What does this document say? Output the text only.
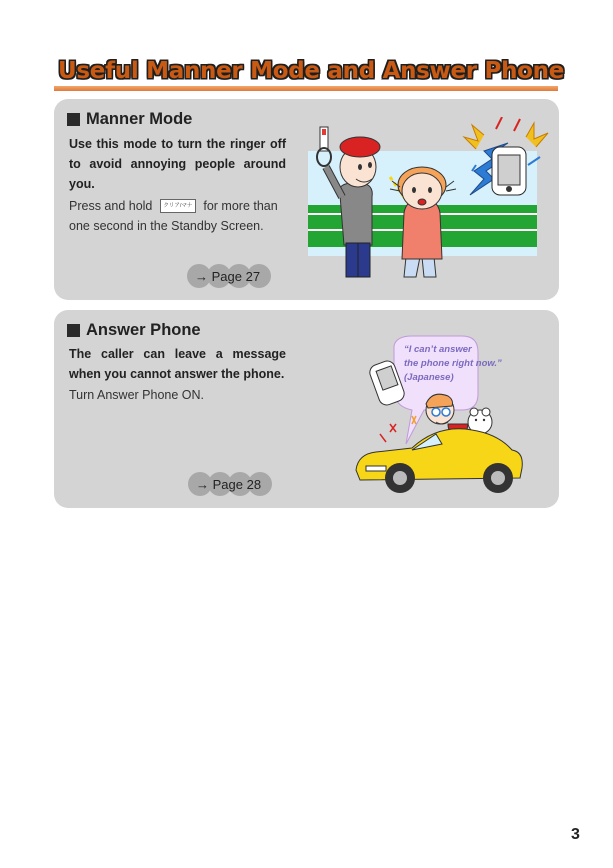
Useful Manner Mode and Answer Phone
Manner Mode
Use this mode to turn the ringer off to avoid annoying people around you.
Press and hold クリア/マナ for more than one second in the Standby Screen.
→ Page 27
Answer Phone
The caller can leave a message when you cannot answer the phone.
Turn Answer Phone ON.
→ Page 28
“I can’t answer
the phone right now.”
(Japanese)
3
